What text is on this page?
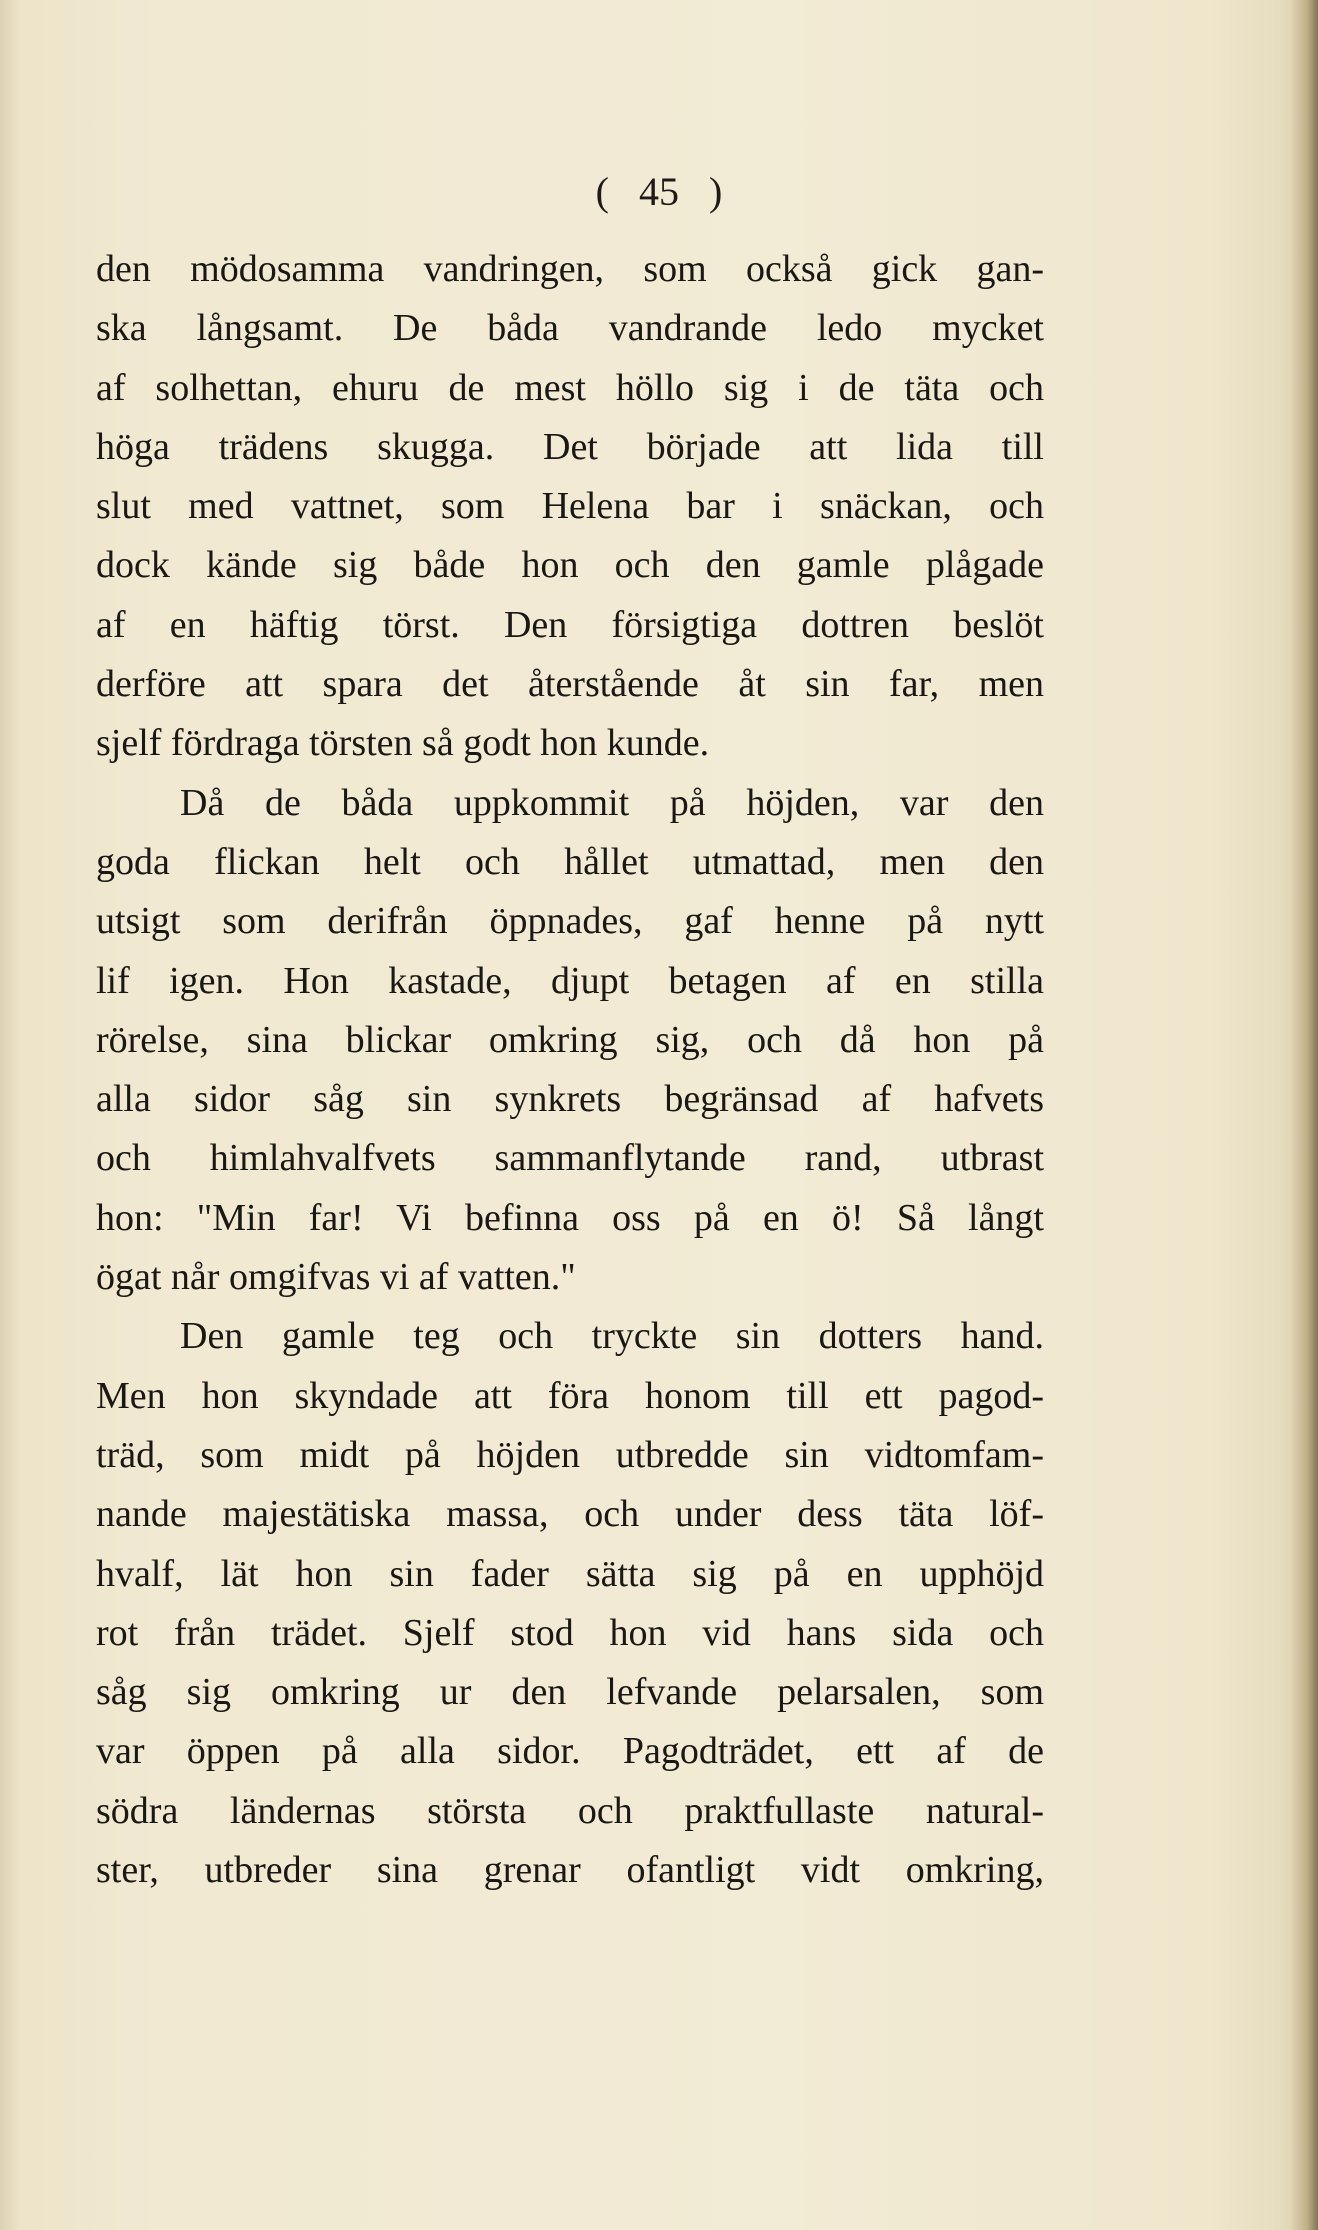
( 45 )
den mödosamma vandringen, som också gick gan-
ska långsamt. De båda vandrande ledo mycket
af solhettan, ehuru de mest höllo sig i de täta och
höga trädens skugga. Det började att lida till
slut med vattnet, som Helena bar i snäckan, och
dock kände sig både hon och den gamle plågade
af en häftig törst. Den försigtiga dottren beslöt
derföre att spara det återstående åt sin far, men
sjelf fördraga törsten så godt hon kunde.
Då de båda uppkommit på höjden, var den
goda flickan helt och hållet utmattad, men den
utsigt som derifrån öppnades, gaf henne på nytt
lif igen. Hon kastade, djupt betagen af en stilla
rörelse, sina blickar omkring sig, och då hon på
alla sidor såg sin synkrets begränsad af hafvets
och himlahvalfvets sammanflytande rand, utbrast
hon: "Min far! Vi befinna oss på en ö! Så långt
ögat når omgifvas vi af vatten."
Den gamle teg och tryckte sin dotters hand.
Men hon skyndade att föra honom till ett pagod-
träd, som midt på höjden utbredde sin vidtomfam-
nande majestätiska massa, och under dess täta löf-
hvalf, lät hon sin fader sätta sig på en upphöjd
rot från trädet. Sjelf stod hon vid hans sida och
såg sig omkring ur den lefvande pelarsalen, som
var öppen på alla sidor. Pagodträdet, ett af de
södra ländernas största och praktfullaste natural-
ster, utbreder sina grenar ofantligt vidt omkring,
